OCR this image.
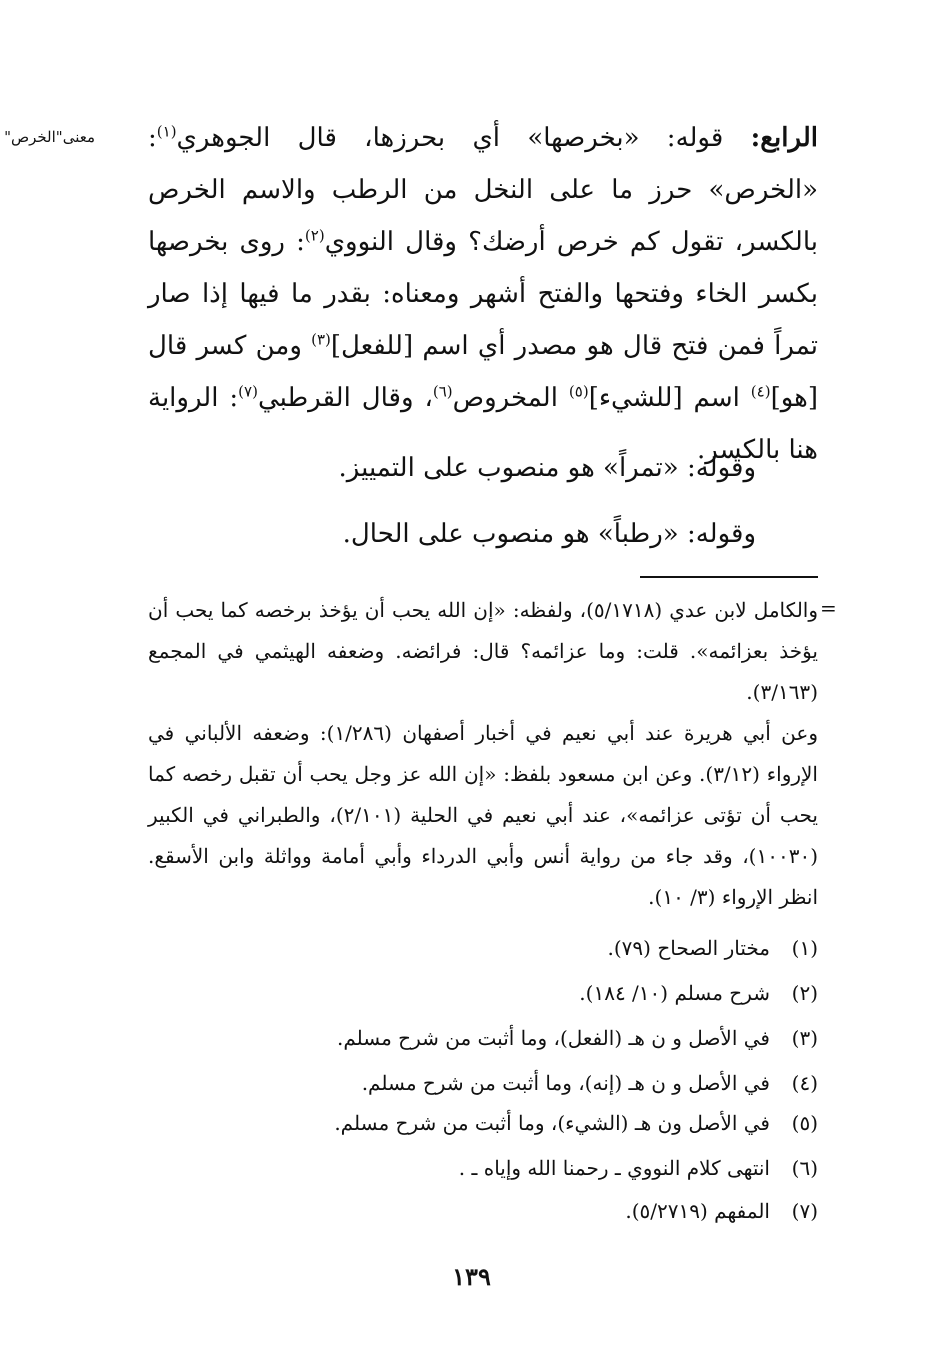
معنى"الخرص"	الرابع: قوله: «بخرصها» أي بحرزها، قال الجوهري$^{(١)}$: «الخرص» حرز ما على النخل من الرطب والاسم الخرص بالكسر، تقول كم خرص أرضك؟ وقال النووي$^{(٢)}$: روى بخرصها بكسر الخاء وفتحها والفتح أشهر ومعناه: بقدر ما فيها إذا صار تمراً فمن فتح قال هو مصدر أي اسم [للفعل]$^{(٣)}$ ومن كسر قال [هو]$^{(٤)}$ اسم [للشيء]$^{(٥)}$ المخروص$^{(٦)}$، وقال القرطبي$^{(٧)}$: الرواية هنا بالكسر.

وقوله: «تمراً» هو منصوب على التمييز.

وقوله: «رطباً» هو منصوب على الحال.

=

والكامل لابن عدي (٥/١٧١٨)، ولفظه: «إن الله يحب أن يؤخذ برخصه كما يحب أن يؤخذ بعزائمه». قلت: وما عزائمه؟ قال: فرائضه. وضعفه الهيثمي في المجمع (٣/١٦٣).

وعن أبي هريرة عند أبي نعيم في أخبار أصفهان (١/٢٨٦): وضعفه الألباني في الإرواء (٣/١٢). وعن ابن مسعود بلفظ: «إن الله عز وجل يحب أن تقبل رخصه كما يحب أن تؤتى عزائمه»، عند أبي نعيم في الحلية (٢/١٠١)، والطبراني في الكبير (١٠٠٣٠)، وقد جاء من رواية أنس وأبي الدرداء وأبي أمامة وواثلة وابن الأسقع. انظر الإرواء (٣/ ١٠).

(١)مختار الصحاح (٧٩).
(٢)شرح مسلم (١٠/ ١٨٤).
(٣)في الأصل و ن هـ (الفعل)، وما أثبت من شرح مسلم.
(٤)في الأصل و ن هـ (إنه)، وما أثبت من شرح مسلم.
(٥)في الأصل ون هـ (الشيء)، وما أثبت من شرح مسلم.
(٦)انتهى كلام النووي ـ رحمنا الله وإياه ـ .
(٧)المفهم (٥/٢٧١٩).
١٣٩
